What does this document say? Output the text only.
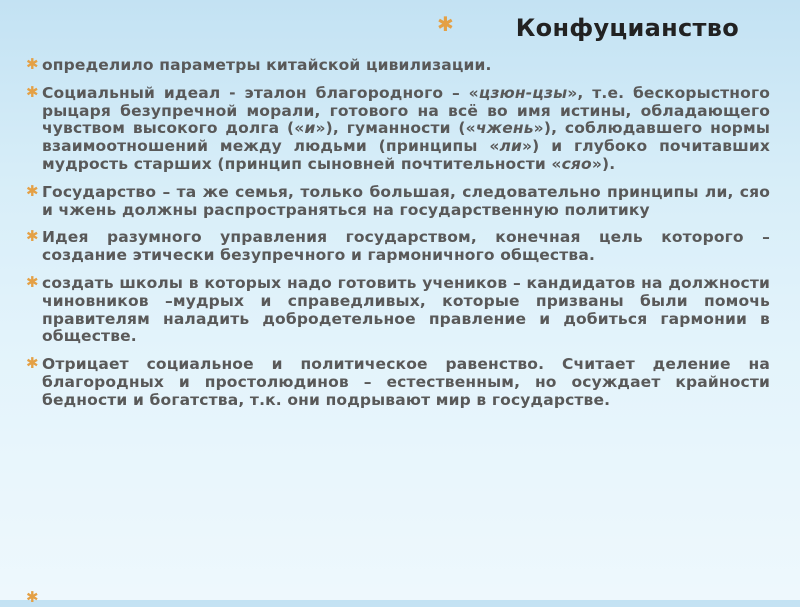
✱	Конфуцианство
✱ определило параметры китайской цивилизации.
✱ Социальный идеал - эталон благородного – «цзюн-цзы», т.е. бескорыстного рыцаря безупречной морали, готового на всё во имя истины, обладающего чувством высокого долга («и»), гуманности («чжень»), соблюдавшего нормы взаимоотношений между людьми (принципы «ли») и глубоко почитавших мудрость старших (принцип сыновней почтительности «сяо»).
✱ Государство – та же семья, только большая, следовательно принципы ли, сяо и чжень должны распространяться на государственную политику
✱ Идея разумного управления государством, конечная цель которого – создание этически безупречного и гармоничного общества.
✱ создать школы в которых надо готовить учеников – кандидатов на должности чиновников –мудрых и справедливых, которые призваны были помочь правителям наладить добродетельное правление и добиться гармонии в обществе.
✱ Отрицает социальное и политическое равенство. Считает деление на благородных и простолюдинов – естественным, но осуждает крайности бедности и богатства, т.к. они подрывают мир в государстве.
✱
